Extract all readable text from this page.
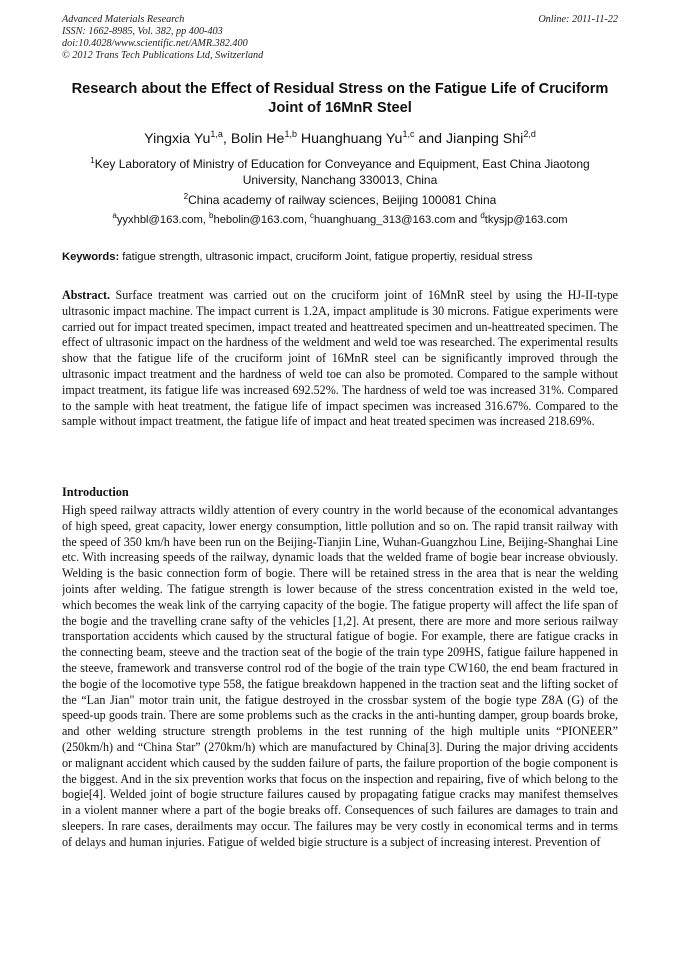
Advanced Materials Research
ISSN: 1662-8985, Vol. 382, pp 400-403
doi:10.4028/www.scientific.net/AMR.382.400
© 2012 Trans Tech Publications Ltd, Switzerland
Online: 2011-11-22
Research about the Effect of Residual Stress on the Fatigue Life of Cruciform Joint of 16MnR Steel
Yingxia Yu$^{1,a}$, Bolin He$^{1,b}$ Huanghuang Yu$^{1,c}$ and Jianping Shi$^{2,d}$
$^1$Key Laboratory of Ministry of Education for Conveyance and Equipment, East China Jiaotong University, Nanchang 330013, China
$^2$China academy of railway sciences, Beijing 100081 China
$^a$yyxhbl@163.com, $^b$hebolin@163.com, $^c$huanghuang_313@163.com and $^d$tkysjp@163.com
Keywords: fatigue strength, ultrasonic impact, cruciform Joint, fatigue propertiy, residual stress
Abstract. Surface treatment was carried out on the cruciform joint of 16MnR steel by using the HJ-II-type ultrasonic impact machine. The impact current is 1.2A, impact amplitude is 30 microns. Fatigue experiments were carried out for impact treated specimen, impact treated and heattreated specimen and un-heattreated specimen. The effect of ultrasonic impact on the hardness of the weldment and weld toe was researched. The experimental results show that the fatigue life of the cruciform joint of 16MnR steel can be significantly improved through the ultrasonic impact treatment and the hardness of weld toe can also be promoted. Compared to the sample without impact treatment, its fatigue life was increased 692.52%. The hardness of weld toe was increased 31%. Compared to the sample with heat treatment, the fatigue life of impact specimen was increased 316.67%. Compared to the sample without impact treatment, the fatigue life of impact and heat treated specimen was increased 218.69%.
Introduction
High speed railway attracts wildly attention of every country in the world because of the economical advantanges of high speed, great capacity, lower energy consumption, little pollution and so on. The rapid transit railway with the speed of 350 km/h have been run on the Beijing-Tianjin Line, Wuhan-Guangzhou Line, Beijing-Shanghai Line etc. With increasing speeds of the railway, dynamic loads that the welded frame of bogie bear increase obviously. Welding is the basic connection form of bogie. There will be retained stress in the area that is near the welding joints after welding. The fatigue strength is lower because of the stress concentration existed in the weld toe, which becomes the weak link of the carrying capacity of the bogie. The fatigue property will affect the life span of the bogie and the travelling crane safty of the vehicles [1,2]. At present, there are more and more serious railway transportation accidents which caused by the structural fatigue of bogie. For example, there are fatigue cracks in the connecting beam, steeve and the traction seat of the bogie of the train type 209HS, fatigue failure happened in the steeve, framework and transverse control rod of the bogie of the train type CW160, the end beam fractured in the bogie of the locomotive type 558, the fatigue breakdown happened in the traction seat and the lifting socket of the “Lan Jian" motor train unit, the fatigue destroyed in the crossbar system of the bogie type Z8A (G) of the speed-up goods train. There are some problems such as the cracks in the anti-hunting damper, group boards broke, and other welding structure strength problems in the test running of the high multiple units “PIONEER” (250km/h) and “China Star” (270km/h) which are manufactured by China[3]. During the major driving accidents or malignant accident which caused by the sudden failure of parts, the failure proportion of the bogie component is the biggest. And in the six prevention works that focus on the inspection and repairing, five of which belong to the bogie[4]. Welded joint of bogie structure failures caused by propagating fatigue cracks may manifest themselves in a violent manner where a part of the bogie breaks off. Consequences of such failures are damages to train and sleepers. In rare cases, derailments may occur. The failures may be very costly in economical terms and in terms of delays and human injuries. Fatigue of welded bigie structure is a subject of increasing interest. Prevention of
